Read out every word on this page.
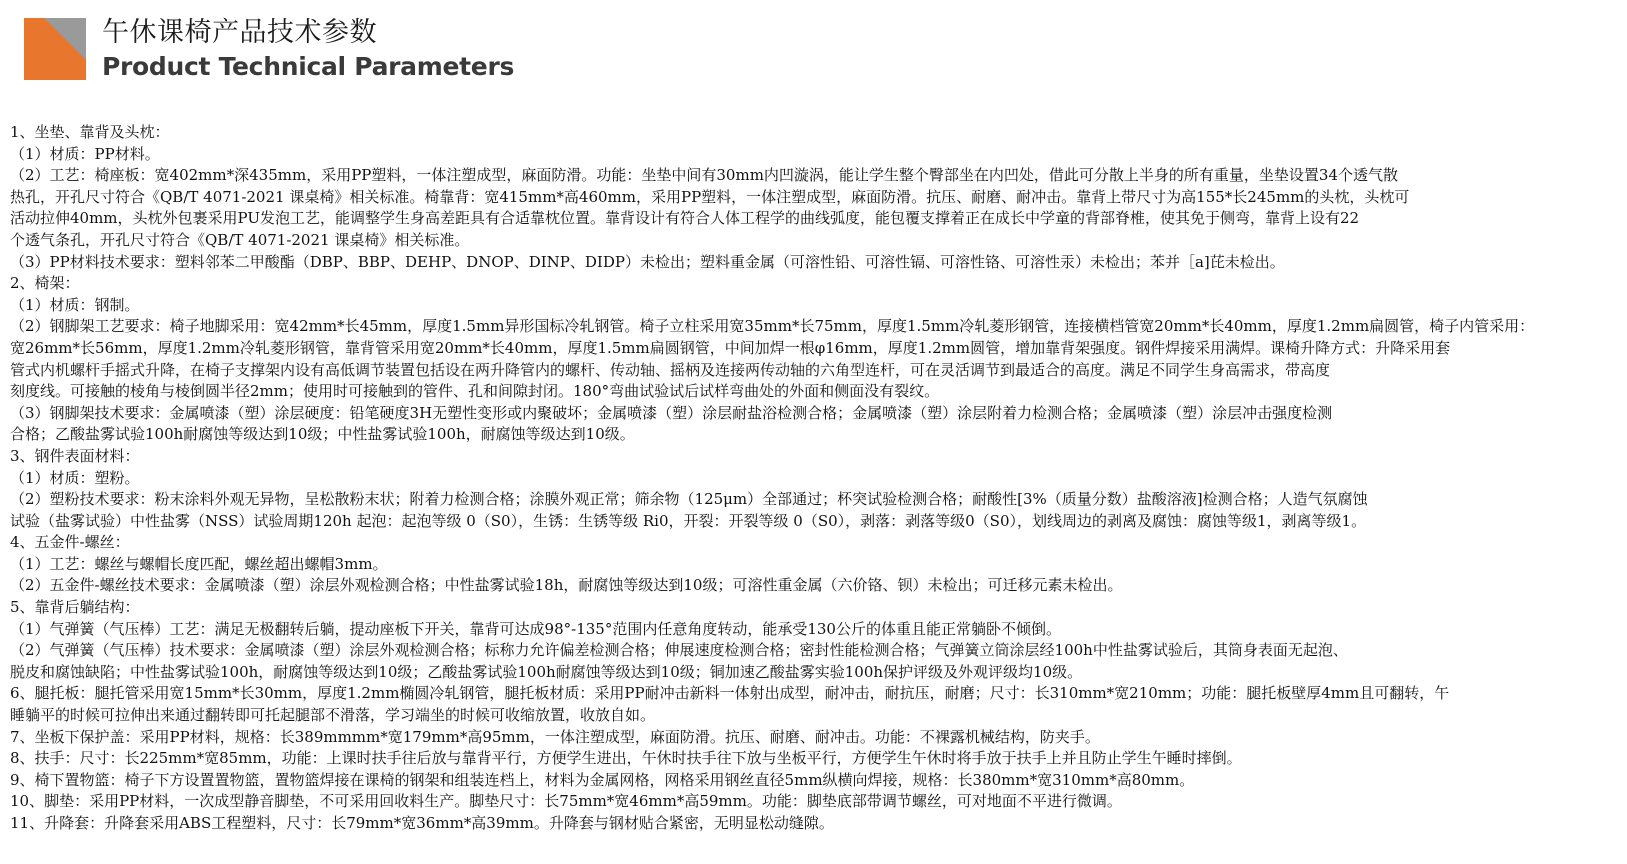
午休课椅产品技术参数
Product Technical Parameters
1、坐垫、靠背及头枕：
（1）材质：PP材料。
（2）工艺：椅座板：宽402mm*深435mm，采用PP塑料，一体注塑成型，麻面防滑。功能：坐垫中间有30mm内凹漩涡，能让学生整个臀部坐在内凹处，借此可分散上半身的所有重量，坐垫设置34个透气散
热孔，开孔尺寸符合《QB/T 4071-2021 课桌椅》相关标准。椅靠背：宽415mm*高460mm，采用PP塑料，一体注塑成型，麻面防滑。抗压、耐磨、耐冲击。靠背上带尺寸为高155*长245mm的头枕，头枕可
活动拉伸40mm，头枕外包裹采用PU发泡工艺，能调整学生身高差距具有合适靠枕位置。靠背设计有符合人体工程学的曲线弧度，能包覆支撑着正在成长中学童的背部脊椎，使其免于侧弯，靠背上设有22
个透气条孔，开孔尺寸符合《QB/T 4071-2021 课桌椅》相关标准。
（3）PP材料技术要求：塑料邻苯二甲酸酯（DBP、BBP、DEHP、DNOP、DINP、DIDP）未检出；塑料重金属（可溶性铅、可溶性镉、可溶性铬、可溶性汞）未检出；苯并［a]芘未检出。
2、椅架：
（1）材质：钢制。
（2）钢脚架工艺要求：椅子地脚采用：宽42mm*长45mm，厚度1.5mm异形国标冷轧钢管。椅子立柱采用宽35mm*长75mm，厚度1.5mm冷轧菱形钢管，连接横档管宽20mm*长40mm，厚度1.2mm扁圆管，椅子内管采用：
宽26mm*长56mm，厚度1.2mm冷轧菱形钢管，靠背管采用宽20mm*长40mm，厚度1.5mm扁圆钢管，中间加焊一根φ16mm，厚度1.2mm圆管，增加靠背架强度。钢件焊接采用满焊。课椅升降方式：升降采用套
管式内机螺杆手摇式升降，在椅子支撑架内设有高低调节装置包括设在两升降管内的螺杆、传动轴、摇柄及连接两传动轴的六角型连杆，可在灵活调节到最适合的高度。满足不同学生身高需求，带高度
刻度线。可接触的棱角与棱倒圆半径2mm；使用时可接触到的管件、孔和间隙封闭。180°弯曲试验试后试样弯曲处的外面和侧面没有裂纹。
（3）钢脚架技术要求：金属喷漆（塑）涂层硬度：铅笔硬度3H无塑性变形或内聚破坏；金属喷漆（塑）涂层耐盐浴检测合格；金属喷漆（塑）涂层附着力检测合格；金属喷漆（塑）涂层冲击强度检测
合格；乙酸盐雾试验100h耐腐蚀等级达到10级；中性盐雾试验100h，耐腐蚀等级达到10级。
3、钢件表面材料：
（1）材质：塑粉。
（2）塑粉技术要求：粉末涂料外观无异物，呈松散粉末状；附着力检测合格；涂膜外观正常；筛余物（125μm）全部通过；杯突试验检测合格；耐酸性[3%（质量分数）盐酸溶液]检测合格；人造气氛腐蚀
试验（盐雾试验）中性盐雾（NSS）试验周期120h 起泡：起泡等级 0（S0），生锈：生锈等级 Ri0，开裂：开裂等级 0（S0），剥落：剥落等级0（S0），划线周边的剥离及腐蚀：腐蚀等级1，剥离等级1。
4、五金件-螺丝：
（1）工艺：螺丝与螺帽长度匹配，螺丝超出螺帽3mm。
（2）五金件-螺丝技术要求：金属喷漆（塑）涂层外观检测合格；中性盐雾试验18h，耐腐蚀等级达到10级；可溶性重金属（六价铬、钡）未检出；可迁移元素未检出。
5、靠背后躺结构：
（1）气弹簧（气压棒）工艺：满足无极翻转后躺，提动座板下开关，靠背可达成98°-135°范围内任意角度转动，能承受130公斤的体重且能正常躺卧不倾倒。
（2）气弹簧（气压棒）技术要求：金属喷漆（塑）涂层外观检测合格；标称力允许偏差检测合格；伸展速度检测合格；密封性能检测合格；气弹簧立筒涂层经100h中性盐雾试验后，其筒身表面无起泡、
脱皮和腐蚀缺陷；中性盐雾试验100h，耐腐蚀等级达到10级；乙酸盐雾试验100h耐腐蚀等级达到10级；铜加速乙酸盐雾实验100h保护评级及外观评级均10级。
6、腿托板：腿托管采用宽15mm*长30mm，厚度1.2mm椭圆冷轧钢管，腿托板材质：采用PP耐冲击新料一体射出成型，耐冲击，耐抗压，耐磨；尺寸：长310mm*宽210mm；功能：腿托板壁厚4mm且可翻转，午
睡躺平的时候可拉伸出来通过翻转即可托起腿部不滑落，学习端坐的时候可收缩放置，收放自如。
7、坐板下保护盖：采用PP材料，规格：长389mmmm*宽179mm*高95mm，一体注塑成型，麻面防滑。抗压、耐磨、耐冲击。功能：不裸露机械结构，防夹手。
8、扶手：尺寸：长225mm*宽85mm，功能：上课时扶手往后放与靠背平行，方便学生进出，午休时扶手往下放与坐板平行，方便学生午休时将手放于扶手上并且防止学生午睡时摔倒。
9、椅下置物篮：椅子下方设置置物篮，置物篮焊接在课椅的钢架和组装连档上，材料为金属网格，网格采用钢丝直径5mm纵横向焊接，规格：长380mm*宽310mm*高80mm。
10、脚垫：采用PP材料，一次成型静音脚垫，不可采用回收料生产。脚垫尺寸：长75mm*宽46mm*高59mm。功能：脚垫底部带调节螺丝，可对地面不平进行微调。
11、升降套：升降套采用ABS工程塑料，尺寸：长79mm*宽36mm*高39mm。升降套与钢材贴合紧密，无明显松动缝隙。
